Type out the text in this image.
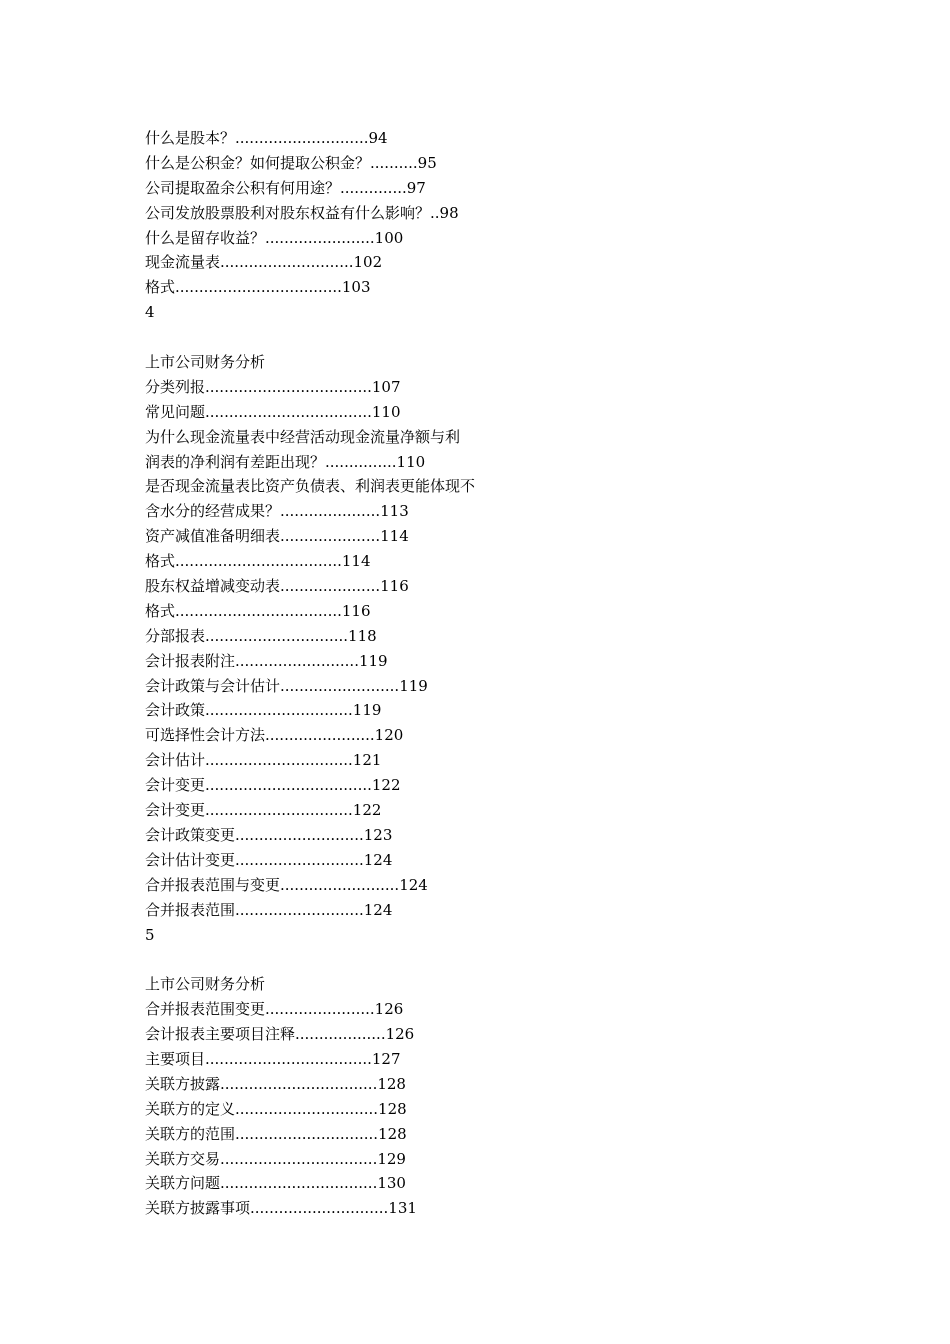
什么是股本？............................94
什么是公积金？如何提取公积金？..........95
公司提取盈余公积有何用途？..............97
公司发放股票股利对股东权益有什么影响？..98
什么是留存收益？.......................100
现金流量表............................102
格式...................................103
4
上市公司财务分析
分类列报...................................107
常见问题...................................110
为什么现金流量表中经营活动现金流量净额与利
润表的净利润有差距出现？...............110
是否现金流量表比资产负债表、利润表更能体现不
含水分的经营成果？.....................113
资产减值准备明细表.....................114
格式...................................114
股东权益增减变动表.....................116
格式...................................116
分部报表..............................118
会计报表附注..........................119
会计政策与会计估计.........................119
会计政策...............................119
可选择性会计方法.......................120
会计估计...............................121
会计变更...................................122
会计变更...............................122
会计政策变更...........................123
会计估计变更...........................124
合并报表范围与变更.........................124
合并报表范围...........................124
5
上市公司财务分析
合并报表范围变更.......................126
会计报表主要项目注释...................126
主要项目...................................127
关联方披露.................................128
关联方的定义..............................128
关联方的范围..............................128
关联方交易.................................129
关联方问题.................................130
关联方披露事项.............................131
